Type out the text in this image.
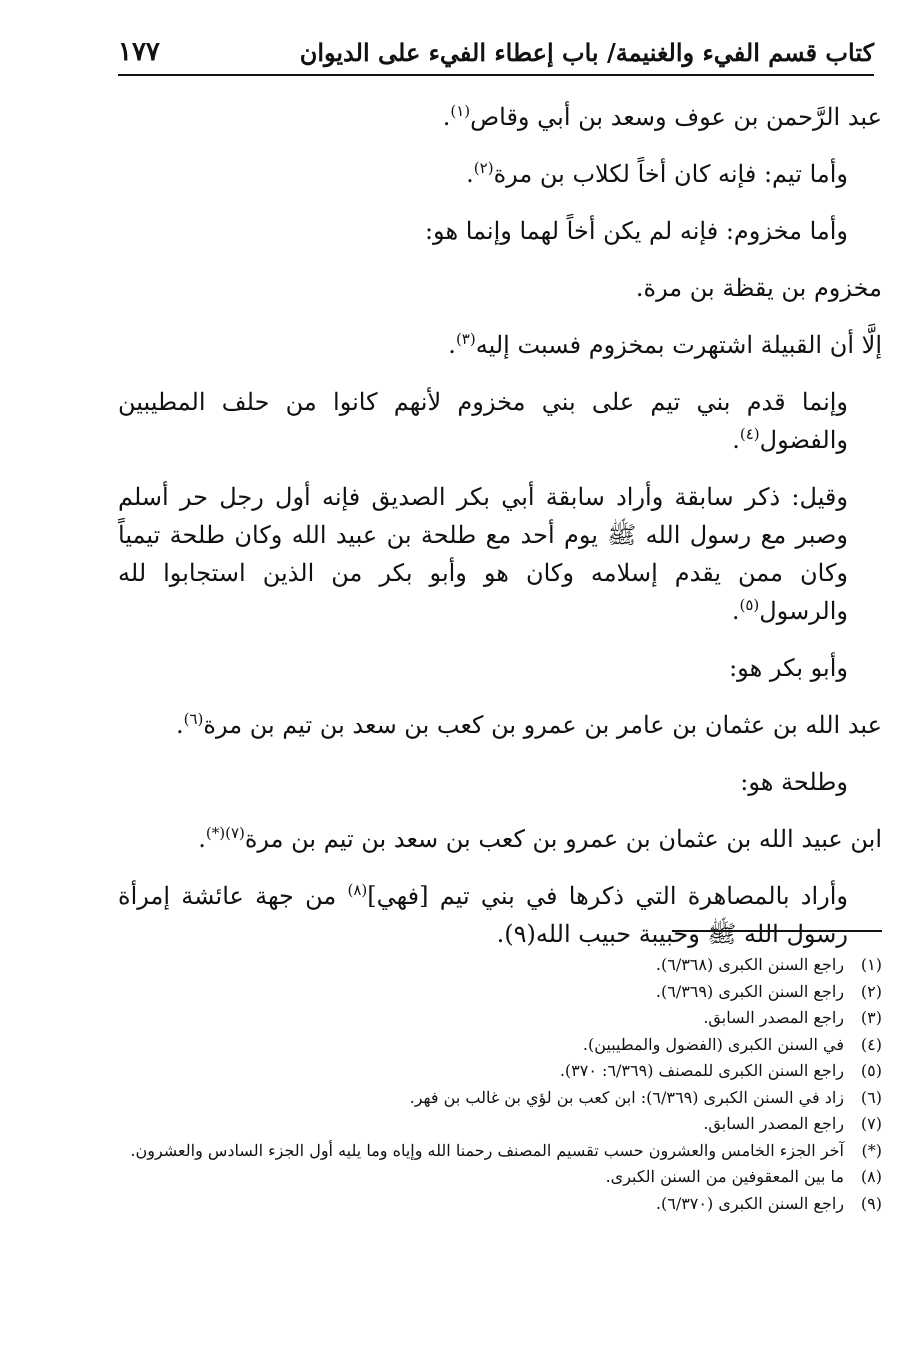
كتاب قسم الفيء والغنيمة/ باب إعطاء الفيء على الديوان
١٧٧

عبد الرَّحمن بن عوف وسعد بن أبي وقاص$^{(١)}$.

وأما تيم: فإنه كان أخاً لكلاب بن مرة$^{(٢)}$.

وأما مخزوم: فإنه لم يكن أخاً لهما وإنما هو:

مخزوم بن يقظة بن مرة.

إلَّا أن القبيلة اشتهرت بمخزوم فسبت إليه$^{(٣)}$.

وإنما قدم بني تيم على بني مخزوم لأنهم كانوا من حلف المطيبين والفضول$^{(٤)}$.

وقيل: ذكر سابقة وأراد سابقة أبي بكر الصديق فإنه أول رجل حر أسلم وصبر مع رسول الله ﷺ يوم أحد مع طلحة بن عبيد الله وكان طلحة تيمياً وكان ممن يقدم إسلامه وكان هو وأبو بكر من الذين استجابوا لله والرسول$^{(٥)}$.

وأبو بكر هو:

عبد الله بن عثمان بن عامر بن عمرو بن كعب بن سعد بن تيم بن مرة$^{(٦)}$.

وطلحة هو:

ابن عبيد الله بن عثمان بن عمرو بن كعب بن سعد بن تيم بن مرة$^{(٧)(*)}$.

وأراد بالمصاهرة التي ذكرها في بني تيم [فهي]$^{(٨)}$ من جهة عائشة إمرأة رسول الله ﷺ وحبيبة حبيب الله(٩).

(١)
راجع السنن الكبرى (٦/٣٦٨).
(٢)
راجع السنن الكبرى (٦/٣٦٩).
(٣)
راجع المصدر السابق.
(٤)
في السنن الكبرى (الفضول والمطيبين).
(٥)
راجع السنن الكبرى للمصنف (٦/٣٦٩: ٣٧٠).
(٦)
زاد في السنن الكبرى (٦/٣٦٩): ابن كعب بن لؤي بن غالب بن فهر.
(٧)
راجع المصدر السابق.
(*)
آخر الجزء الخامس والعشرون حسب تقسيم المصنف رحمنا الله وإياه وما يليه أول الجزء السادس والعشرون.
(٨)
ما بين المعقوفين من السنن الكبرى.
(٩)
راجع السنن الكبرى (٦/٣٧٠).
